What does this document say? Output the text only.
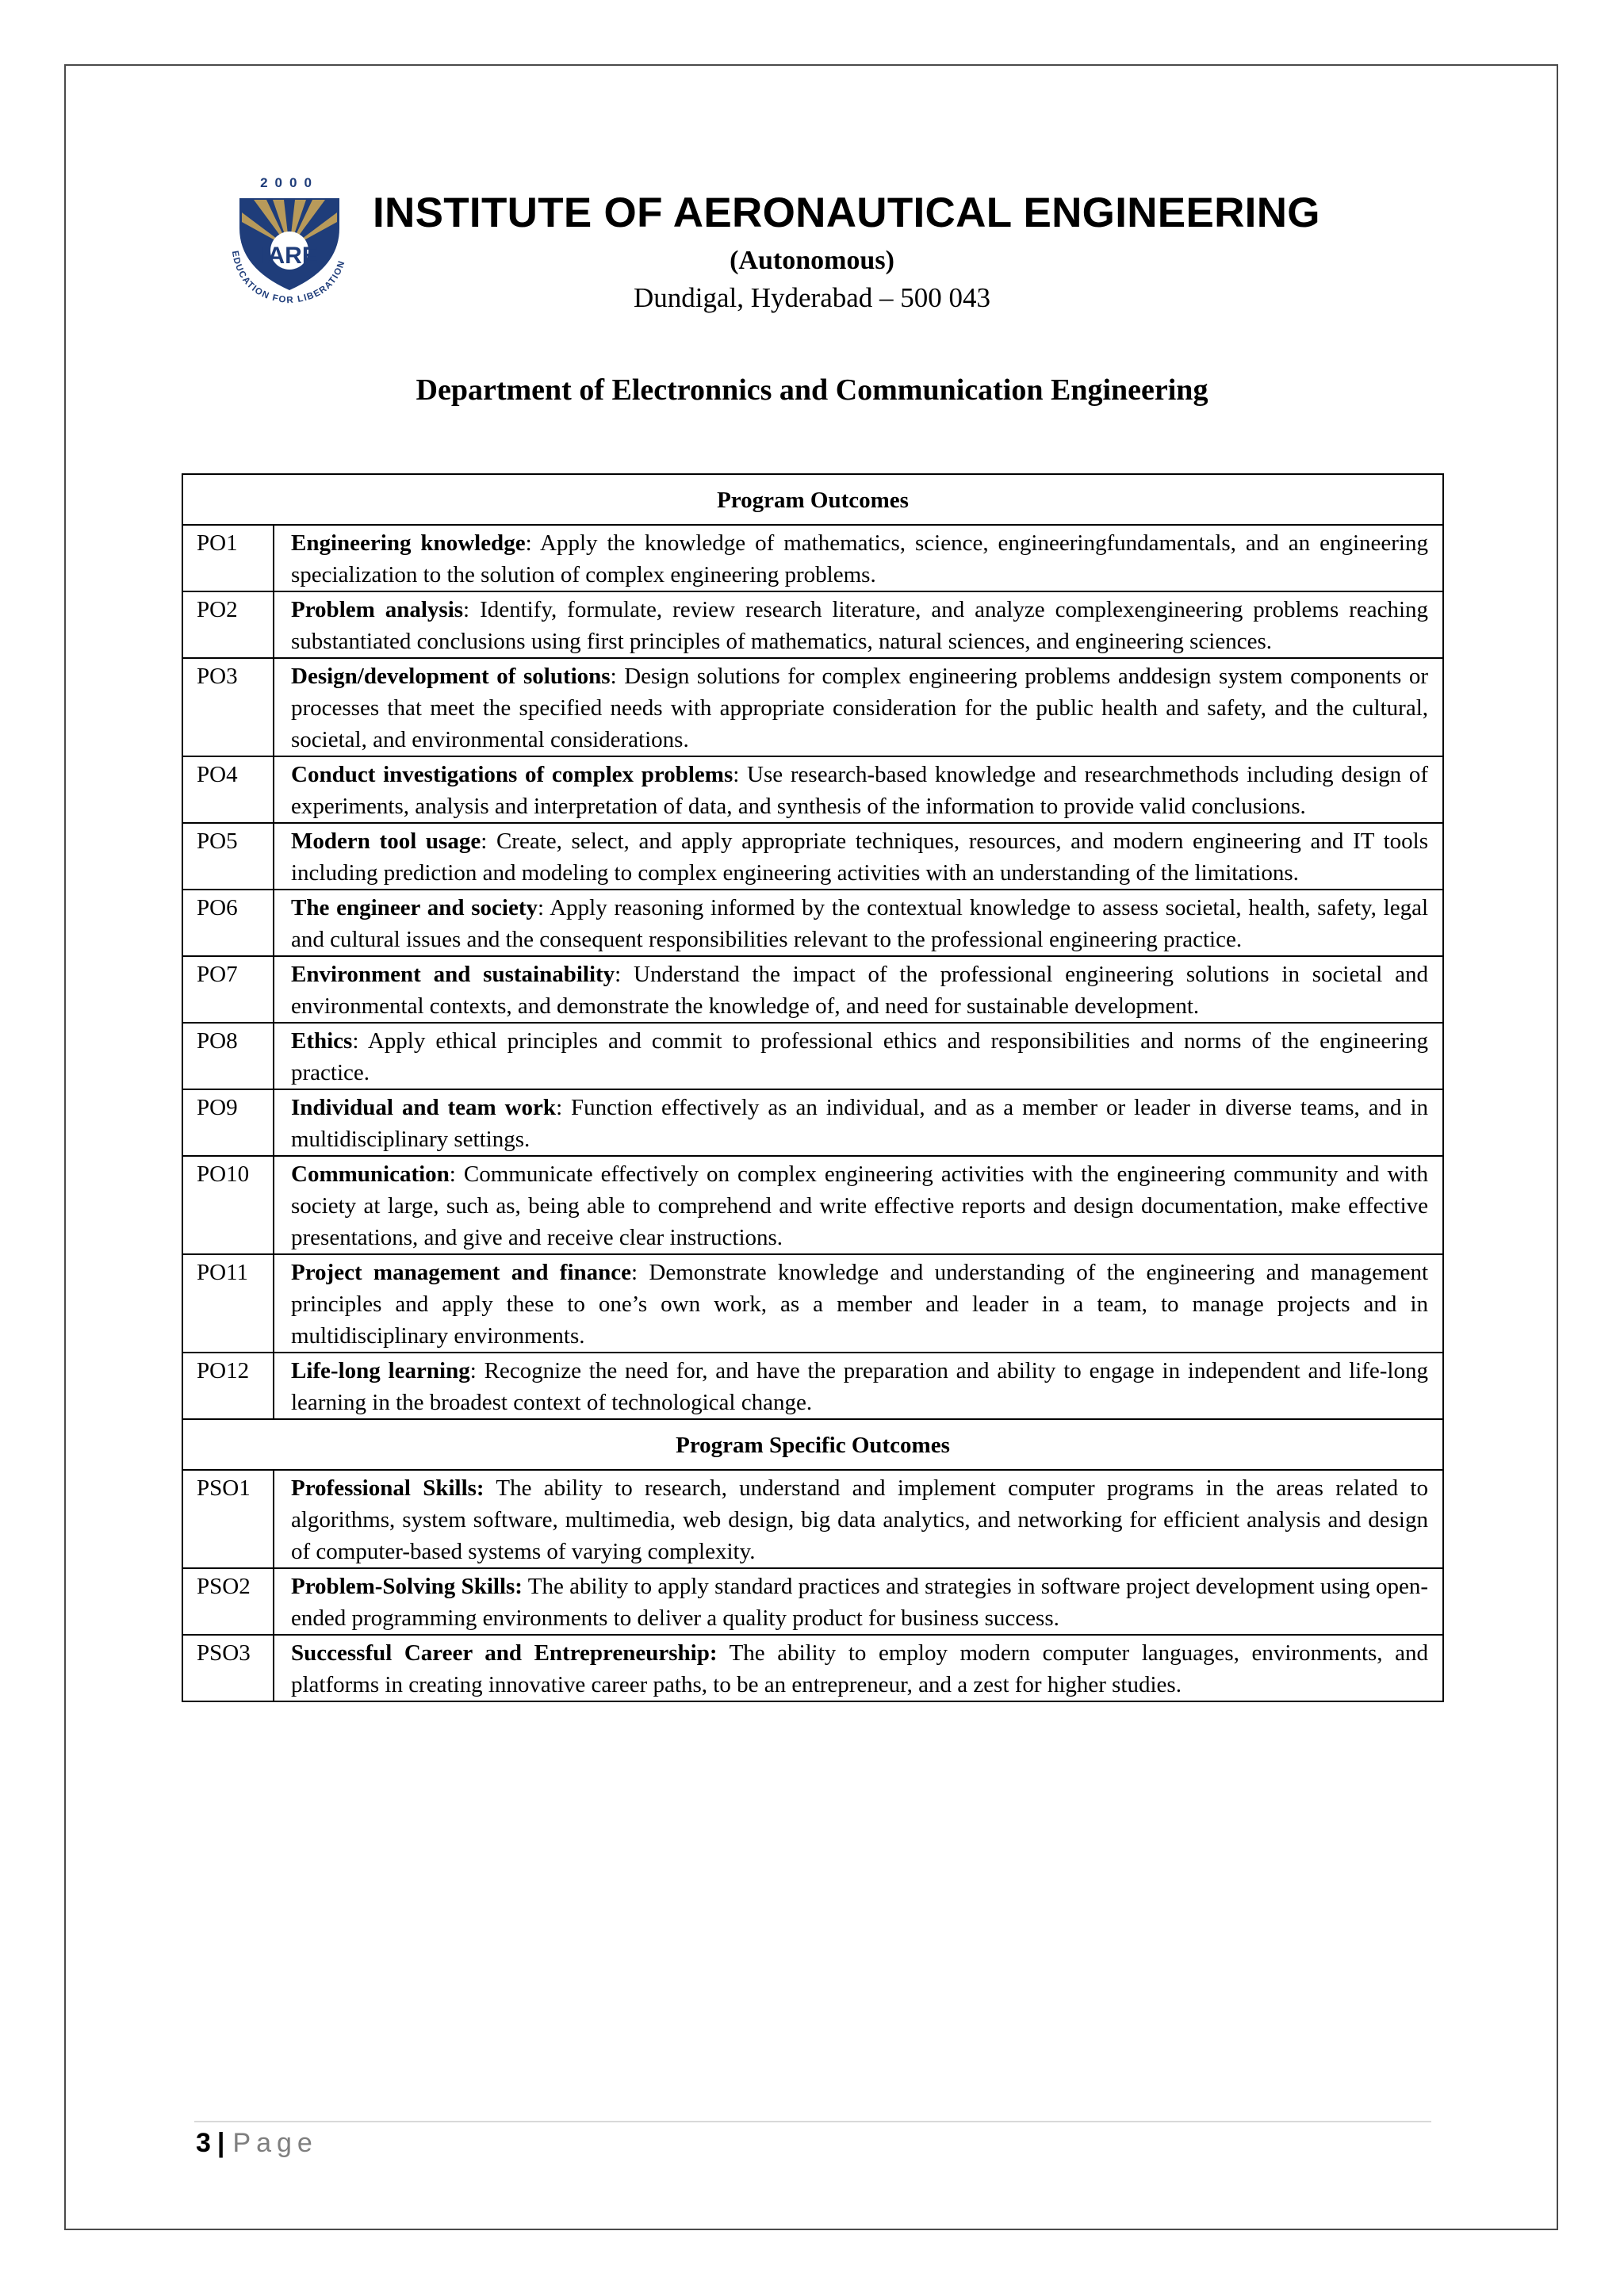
2000
IARE
EDUCATION FOR LIBERATION
INSTITUTE OF AERONAUTICAL ENGINEERING
(Autonomous)
Dundigal, Hyderabad – 500 043
Department of Electronnics and Communication Engineering
Program Outcomes	
PO1	Engineering knowledge: Apply the knowledge of mathematics, science, engineeringfundamentals, and an engineering specialization to the solution of complex engineering problems.
PO2	Problem analysis: Identify, formulate, review research literature, and analyze complexengineering problems reaching substantiated conclusions using first principles of mathematics, natural sciences, and engineering sciences.
PO3	Design/development of solutions: Design solutions for complex engineering problems anddesign system components or processes that meet the specified needs with appropriate consideration for the public health and safety, and the cultural, societal, and environmental considerations.
PO4	Conduct investigations of complex problems: Use research-based knowledge and researchmethods including design of experiments, analysis and interpretation of data, and synthesis of the information to provide valid conclusions.
PO5	Modern tool usage: Create, select, and apply appropriate techniques, resources, and modern engineering and IT tools including prediction and modeling to complex engineering activities with an understanding of the limitations.
PO6	The engineer and society: Apply reasoning informed by the contextual knowledge to assess societal, health, safety, legal and cultural issues and the consequent responsibilities relevant to the professional engineering practice.
PO7	Environment and sustainability: Understand the impact of the professional engineering solutions in societal and environmental contexts, and demonstrate the knowledge of, and need for sustainable development.
PO8	Ethics: Apply ethical principles and commit to professional ethics and responsibilities and norms of the engineering practice.
PO9	Individual and team work: Function effectively as an individual, and as a member or leader in diverse teams, and in multidisciplinary settings.
PO10	Communication: Communicate effectively on complex engineering activities with the engineering community and with society at large, such as, being able to comprehend and write effective reports and design documentation, make effective presentations, and give and receive clear instructions.
PO11	Project management and finance: Demonstrate knowledge and understanding of the engineering and management principles and apply these to one’s own work, as a member and leader in a team, to manage projects and in multidisciplinary environments.
PO12	Life-long learning: Recognize the need for, and have the preparation and ability to engage in independent and life-long learning in the broadest context of technological change.
Program Specific Outcomes	
PSO1	Professional Skills: The ability to research, understand and implement computer programs in the areas related to algorithms, system software, multimedia, web design, big data analytics, and networking for efficient analysis and design of computer-based systems of varying complexity.
PSO2	Problem-Solving Skills: The ability to apply standard practices and strategies in software project development using open-ended programming environments to deliver a quality product for business success.
PSO3	Successful Career and Entrepreneurship: The ability to employ modern computer languages, environments, and platforms in creating innovative career paths, to be an entrepreneur, and a zest for higher studies.
3 | Page
